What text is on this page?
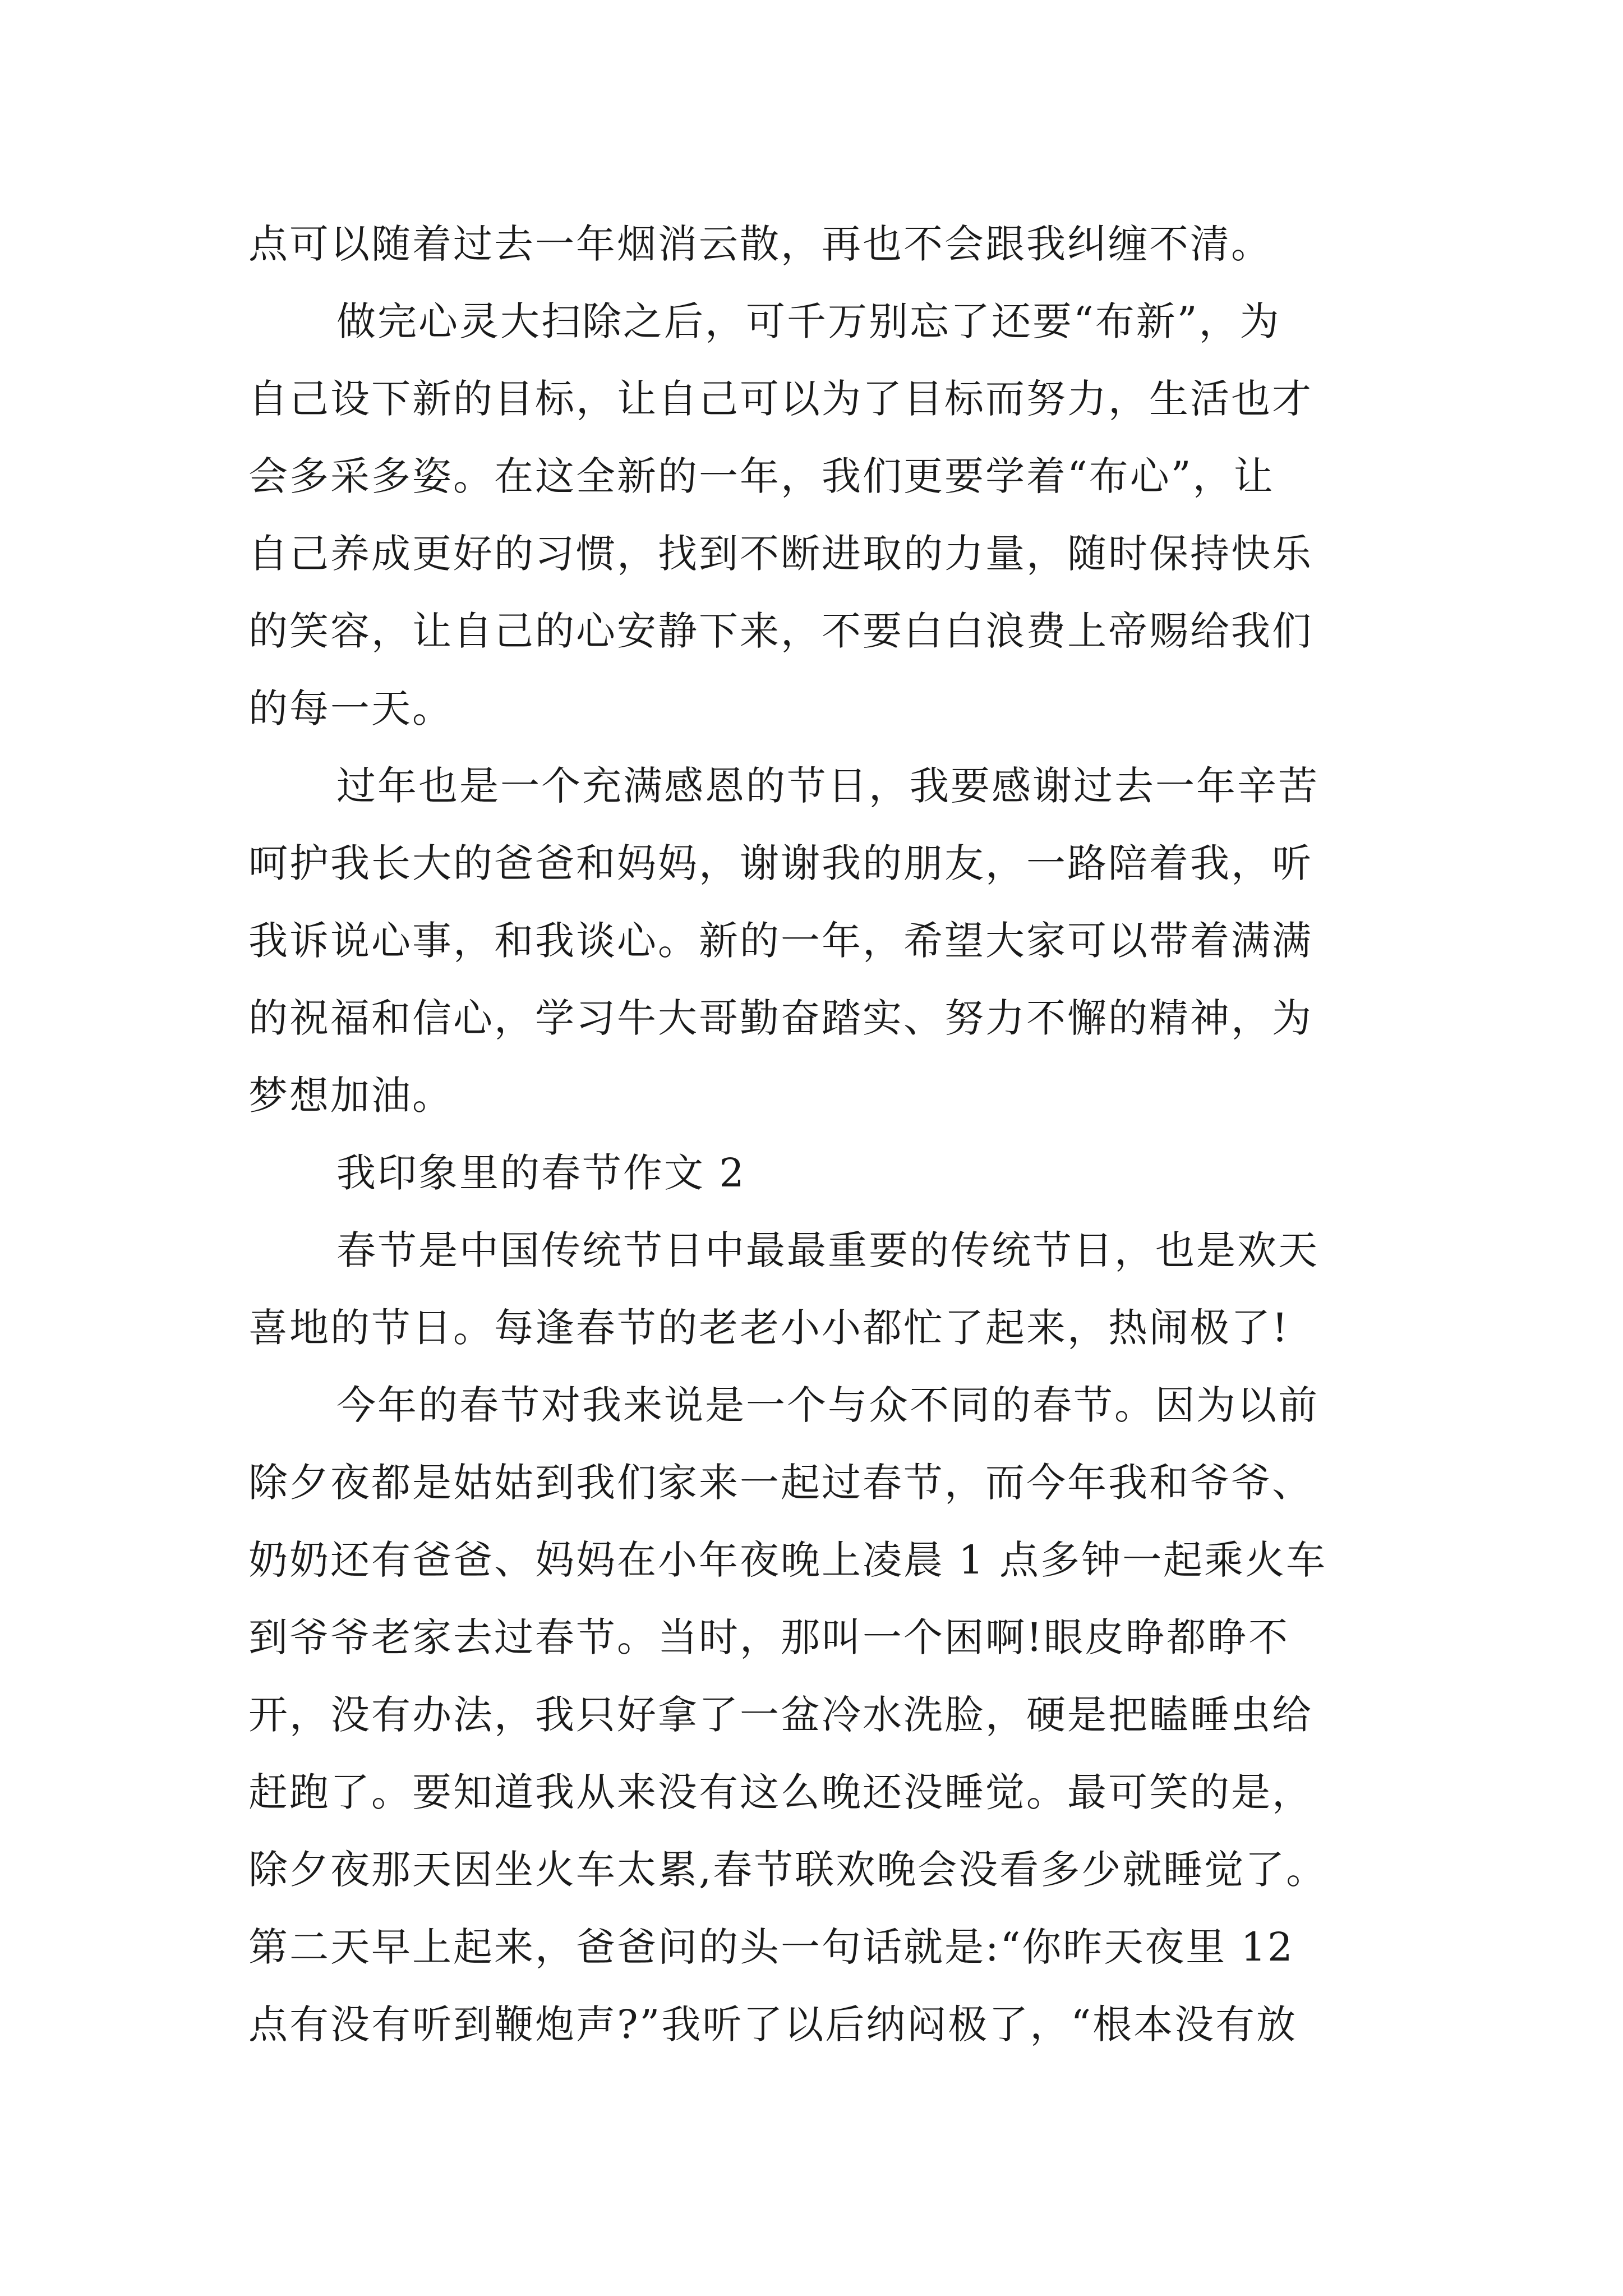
点可以随着过去一年烟消云散，再也不会跟我纠缠不清。
做完心灵大扫除之后，可千万别忘了还要“布新”，为
自己设下新的目标，让自己可以为了目标而努力，生活也才
会多采多姿。在这全新的一年，我们更要学着“布心”，让
自己养成更好的习惯，找到不断进取的力量，随时保持快乐
的笑容，让自己的心安静下来，不要白白浪费上帝赐给我们
的每一天。
过年也是一个充满感恩的节日，我要感谢过去一年辛苦
呵护我长大的爸爸和妈妈，谢谢我的朋友，一路陪着我，听
我诉说心事，和我谈心。新的一年，希望大家可以带着满满
的祝福和信心，学习牛大哥勤奋踏实、努力不懈的精神，为
梦想加油。
我印象里的春节作文 2
春节是中国传统节日中最最重要的传统节日，也是欢天
喜地的节日。每逢春节的老老小小都忙了起来，热闹极了!
今年的春节对我来说是一个与众不同的春节。因为以前
除夕夜都是姑姑到我们家来一起过春节，而今年我和爷爷、
奶奶还有爸爸、妈妈在小年夜晚上凌晨 1 点多钟一起乘火车
到爷爷老家去过春节。当时，那叫一个困啊!眼皮睁都睁不
开，没有办法，我只好拿了一盆冷水洗脸，硬是把瞌睡虫给
赶跑了。要知道我从来没有这么晚还没睡觉。最可笑的是，
除夕夜那天因坐火车太累,春节联欢晚会没看多少就睡觉了。
第二天早上起来，爸爸问的头一句话就是:“你昨天夜里 12
点有没有听到鞭炮声?”我听了以后纳闷极了，“根本没有放
